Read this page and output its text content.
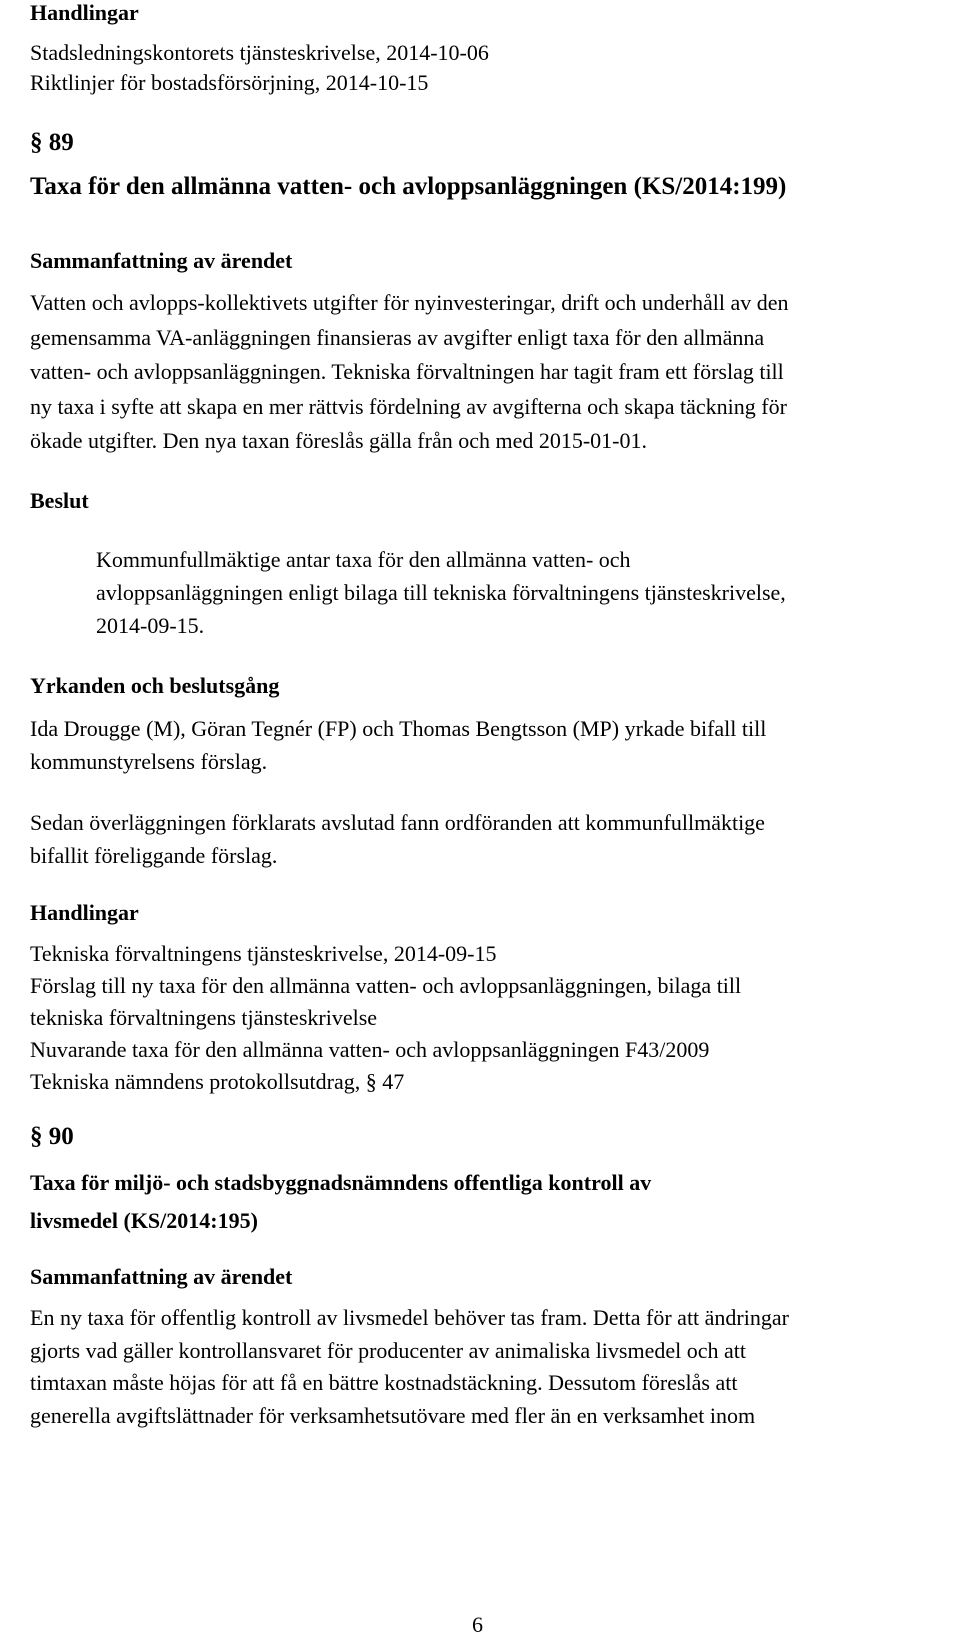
Handlingar
Stadsledningskontorets tjänsteskrivelse, 2014-10-06
Riktlinjer för bostadsförsörjning, 2014-10-15
§ 89
Taxa för den allmänna vatten- och avloppsanläggningen (KS/2014:199)
Sammanfattning av ärendet

Vatten och avlopps-kollektivets utgifter för nyinvesteringar, drift och underhåll av den

gemensamma VA-anläggningen finansieras av avgifter enligt taxa för den allmänna

vatten- och avloppsanläggningen. Tekniska förvaltningen har tagit fram ett förslag till

ny taxa i syfte att skapa en mer rättvis fördelning av avgifterna och skapa täckning för

ökade utgifter. Den nya taxan föreslås gälla från och med 2015-01-01.

Beslut

Kommunfullmäktige antar taxa för den allmänna vatten- och

avloppsanläggningen enligt bilaga till tekniska förvaltningens tjänsteskrivelse,

2014-09-15.

Yrkanden och beslutsgång

Ida Drougge (M), Göran Tegnér (FP) och Thomas Bengtsson (MP) yrkade bifall till

kommunstyrelsens förslag.

Sedan överläggningen förklarats avslutad fann ordföranden att kommunfullmäktige

bifallit föreliggande förslag.

Handlingar

Tekniska förvaltningens tjänsteskrivelse, 2014-09-15

Förslag till ny taxa för den allmänna vatten- och avloppsanläggningen, bilaga till

tekniska förvaltningens tjänsteskrivelse

Nuvarande taxa för den allmänna vatten- och avloppsanläggningen F43/2009

Tekniska nämndens protokollsutdrag, § 47

§ 90

Taxa för miljö- och stadsbyggnadsnämndens offentliga kontroll av

livsmedel (KS/2014:195)

Sammanfattning av ärendet

En ny taxa för offentlig kontroll av livsmedel behöver tas fram. Detta för att ändringar

gjorts vad gäller kontrollansvaret för producenter av animaliska livsmedel och att

timtaxan måste höjas för att få en bättre kostnadstäckning. Dessutom föreslås att

generella avgiftslättnader för verksamhetsutövare med fler än en verksamhet inom

6
